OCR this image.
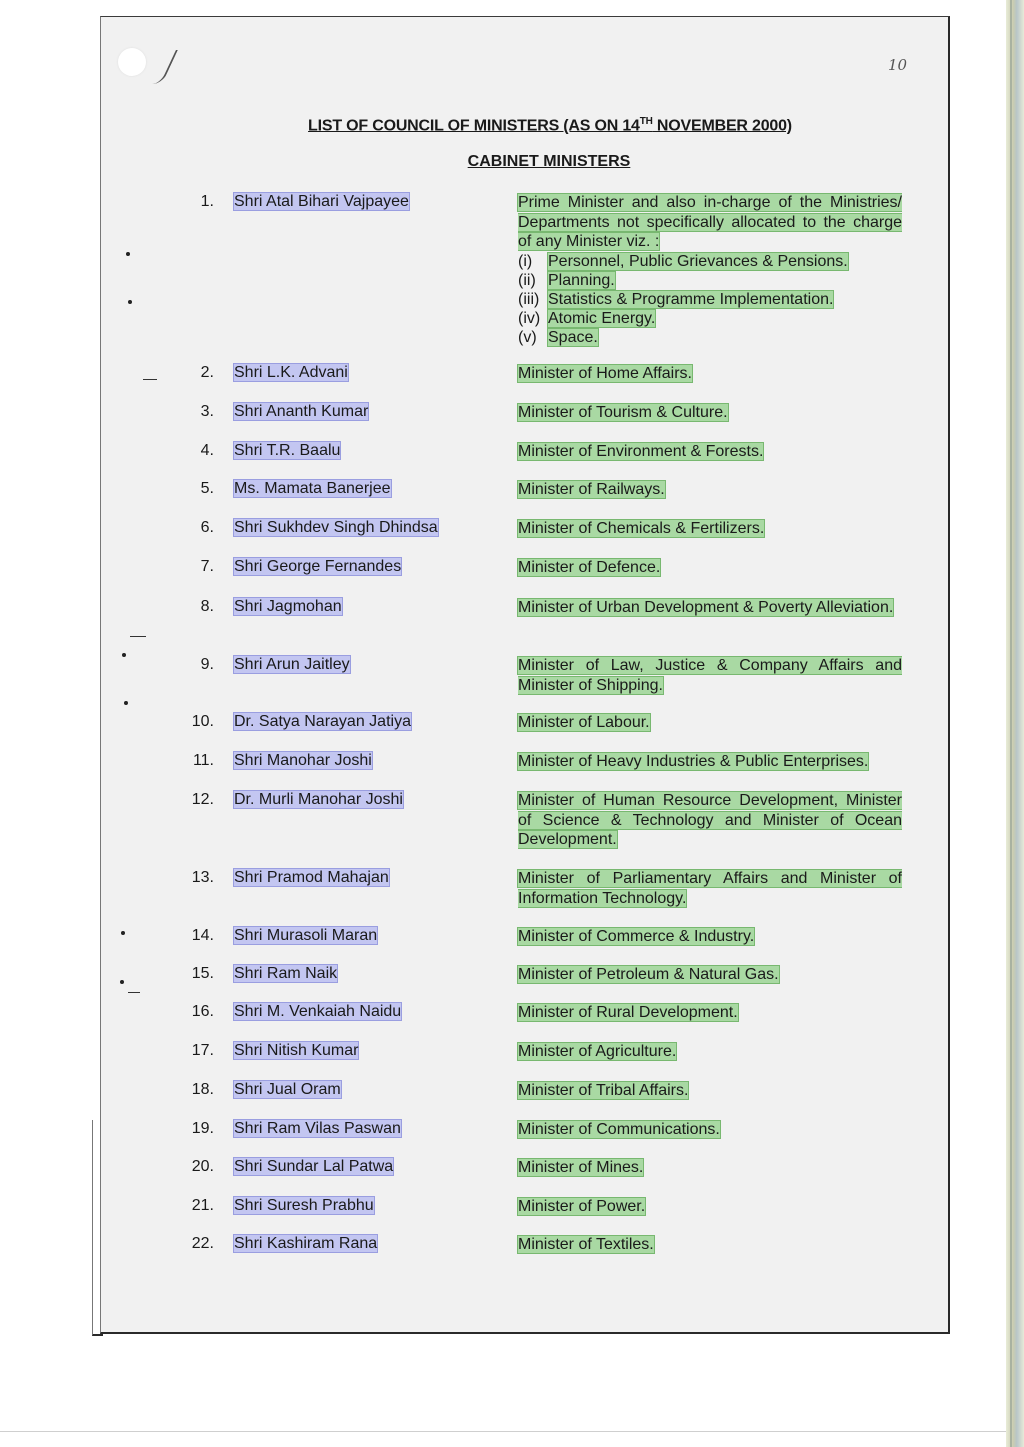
10
LIST OF COUNCIL OF MINISTERS (AS ON 14TH NOVEMBER 2000)
CABINET MINISTERS
1. Shri Atal Bihari Vajpayee	Prime Minister and also in-charge of the Ministries/ Departments not specifically allocated to the charge of any Minister viz. :
(i) Personnel, Public Grievances & Pensions.
(ii) Planning.
(iii) Statistics & Programme Implementation.
(iv) Atomic Energy.
(v) Space.
2. Shri L.K. Advani	Minister of Home Affairs.
3. Shri Ananth Kumar	Minister of Tourism & Culture.
4. Shri T.R. Baalu	Minister of Environment & Forests.
5. Ms. Mamata Banerjee	Minister of Railways.
6. Shri Sukhdev Singh Dhindsa	Minister of Chemicals & Fertilizers.
7. Shri George Fernandes	Minister of Defence.
8. Shri Jagmohan	Minister of Urban Development & Poverty Alleviation.
9. Shri Arun Jaitley	Minister of Law, Justice & Company Affairs and Minister of Shipping.
10. Dr. Satya Narayan Jatiya	Minister of Labour.
11. Shri Manohar Joshi	Minister of Heavy Industries & Public Enterprises.
12. Dr. Murli Manohar Joshi	Minister of Human Resource Development, Minister of Science & Technology and Minister of Ocean Development.
13. Shri Pramod Mahajan	Minister of Parliamentary Affairs and Minister of Information Technology.
14. Shri Murasoli Maran	Minister of Commerce & Industry.
15. Shri Ram Naik	Minister of Petroleum & Natural Gas.
16. Shri M. Venkaiah Naidu	Minister of Rural Development.
17. Shri Nitish Kumar	Minister of Agriculture.
18. Shri Jual Oram	Minister of Tribal Affairs.
19. Shri Ram Vilas Paswan	Minister of Communications.
20. Shri Sundar Lal Patwa	Minister of Mines.
21. Shri Suresh Prabhu	Minister of Power.
22. Shri Kashiram Rana	Minister of Textiles.
